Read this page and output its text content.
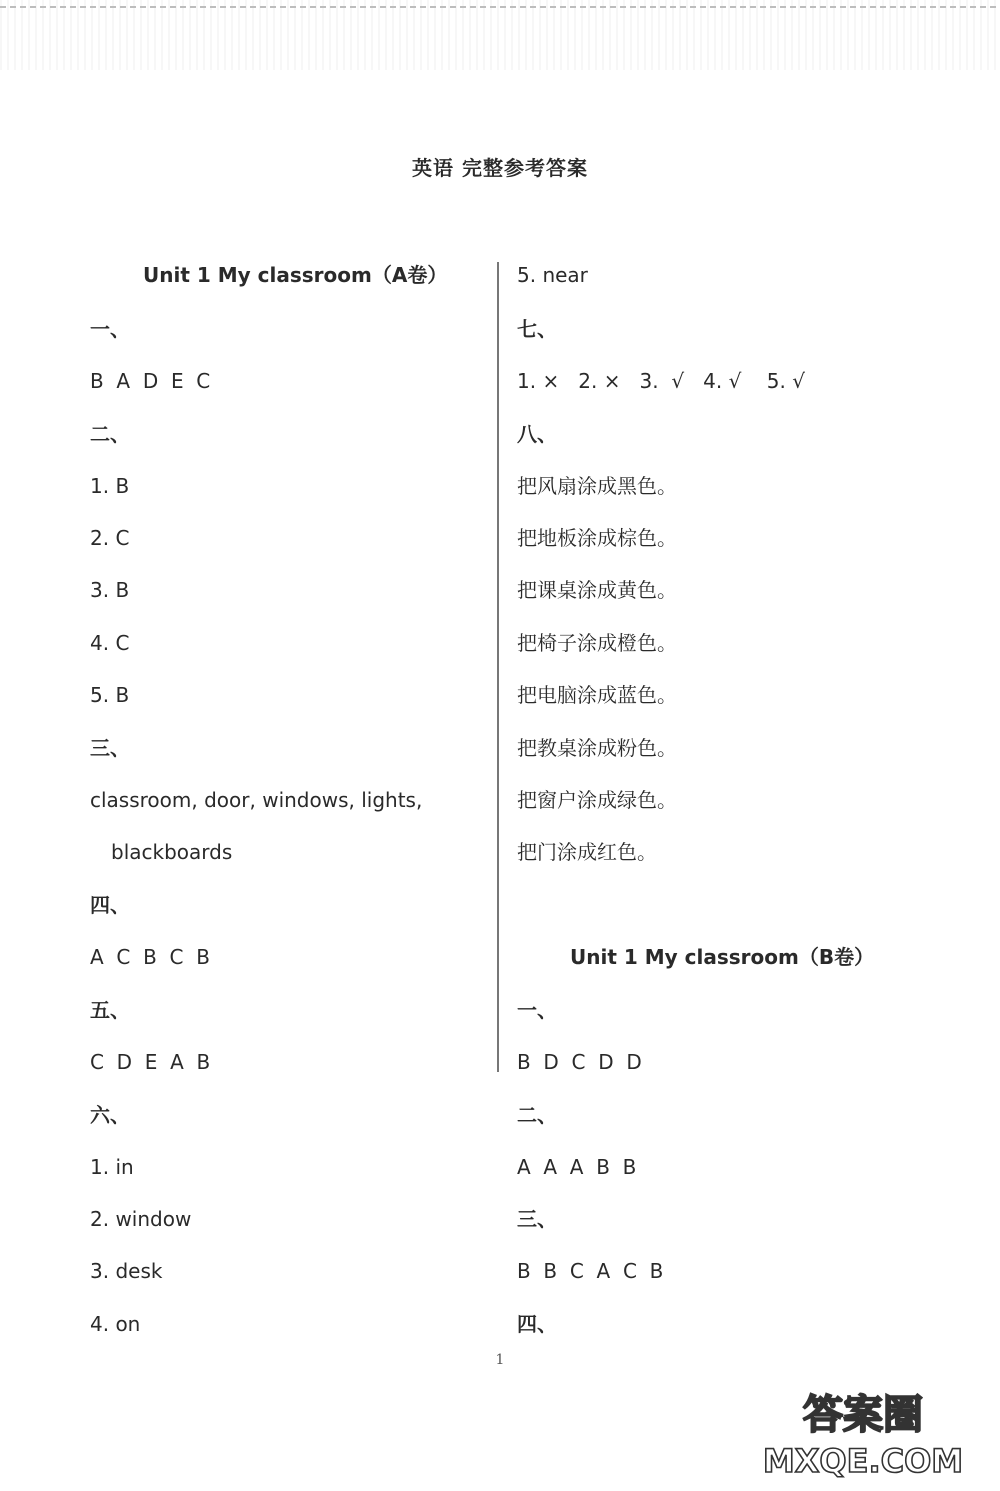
英语 完整参考答案
Unit 1 My classroom（A卷）
一、
B  A  D  E  C
二、
1. B
2. C
3. B
4. C
5. B
三、
classroom, door, windows, lights,
blackboards
四、
A  C  B  C  B
五、
C  D  E  A  B
六、
1. in
2. window
3. desk
4. on
5. near
七、
1. ×   2. ×   3.  √   4. √    5. √
八、
把风扇涂成黑色。
把地板涂成棕色。
把课桌涂成黄色。
把椅子涂成橙色。
把电脑涂成蓝色。
把教桌涂成粉色。
把窗户涂成绿色。
把门涂成红色。
Unit 1 My classroom（B卷）
一、
B  D  C  D  D
二、
A  A  A  B  B
三、
B  B  C  A  C  B
四、
1
答案圈
MXQE.COM
